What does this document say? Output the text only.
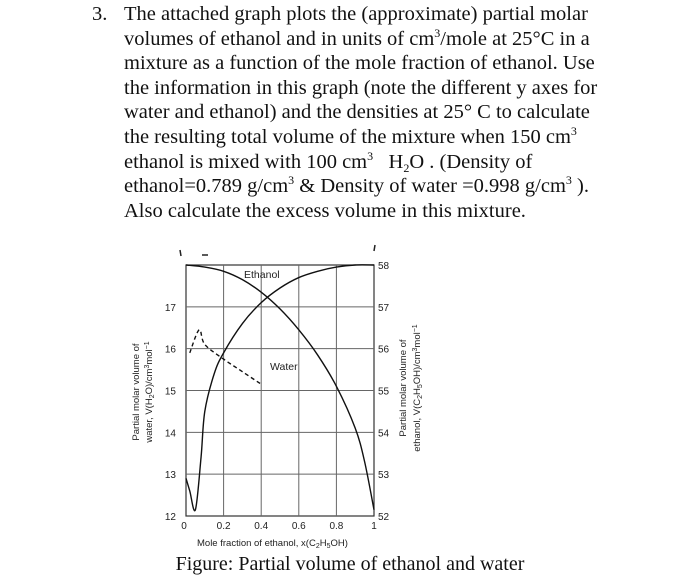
3. The attached graph plots the (approximate) partial molar
volumes of ethanol and in units of $cm^3$/mole at 25°C in a
mixture as a function of the mole fraction of ethanol. Use
the information in this graph (note the different y axes for
water and ethanol) and the densities at 25° C to calculate
the resulting total volume of the mixture when 150 $cm^3$
ethanol is mixed with 100 $cm^3$ $H_2O$ . (Density of
ethanol=0.789 $g/cm^3$ & Density of water =0.998 $g/cm^3$ ).
Also calculate the excess volume in this mixture.
0	0.2 0.4 0.6 0.8	1
12
13
14
15
16
17
52
53
54
55
56
57
58
Ethanol
Water
Mole fraction of ethanol, $x(C_2H_5OH)$
Partial molar volume of water, $V(H_2O)/cm^3mol^{-1}$	Partial molar volume of ethanol, $V(C_2H_5OH)/cm^3mol^{-1}$
Figure: Partial volume of ethanol and water
